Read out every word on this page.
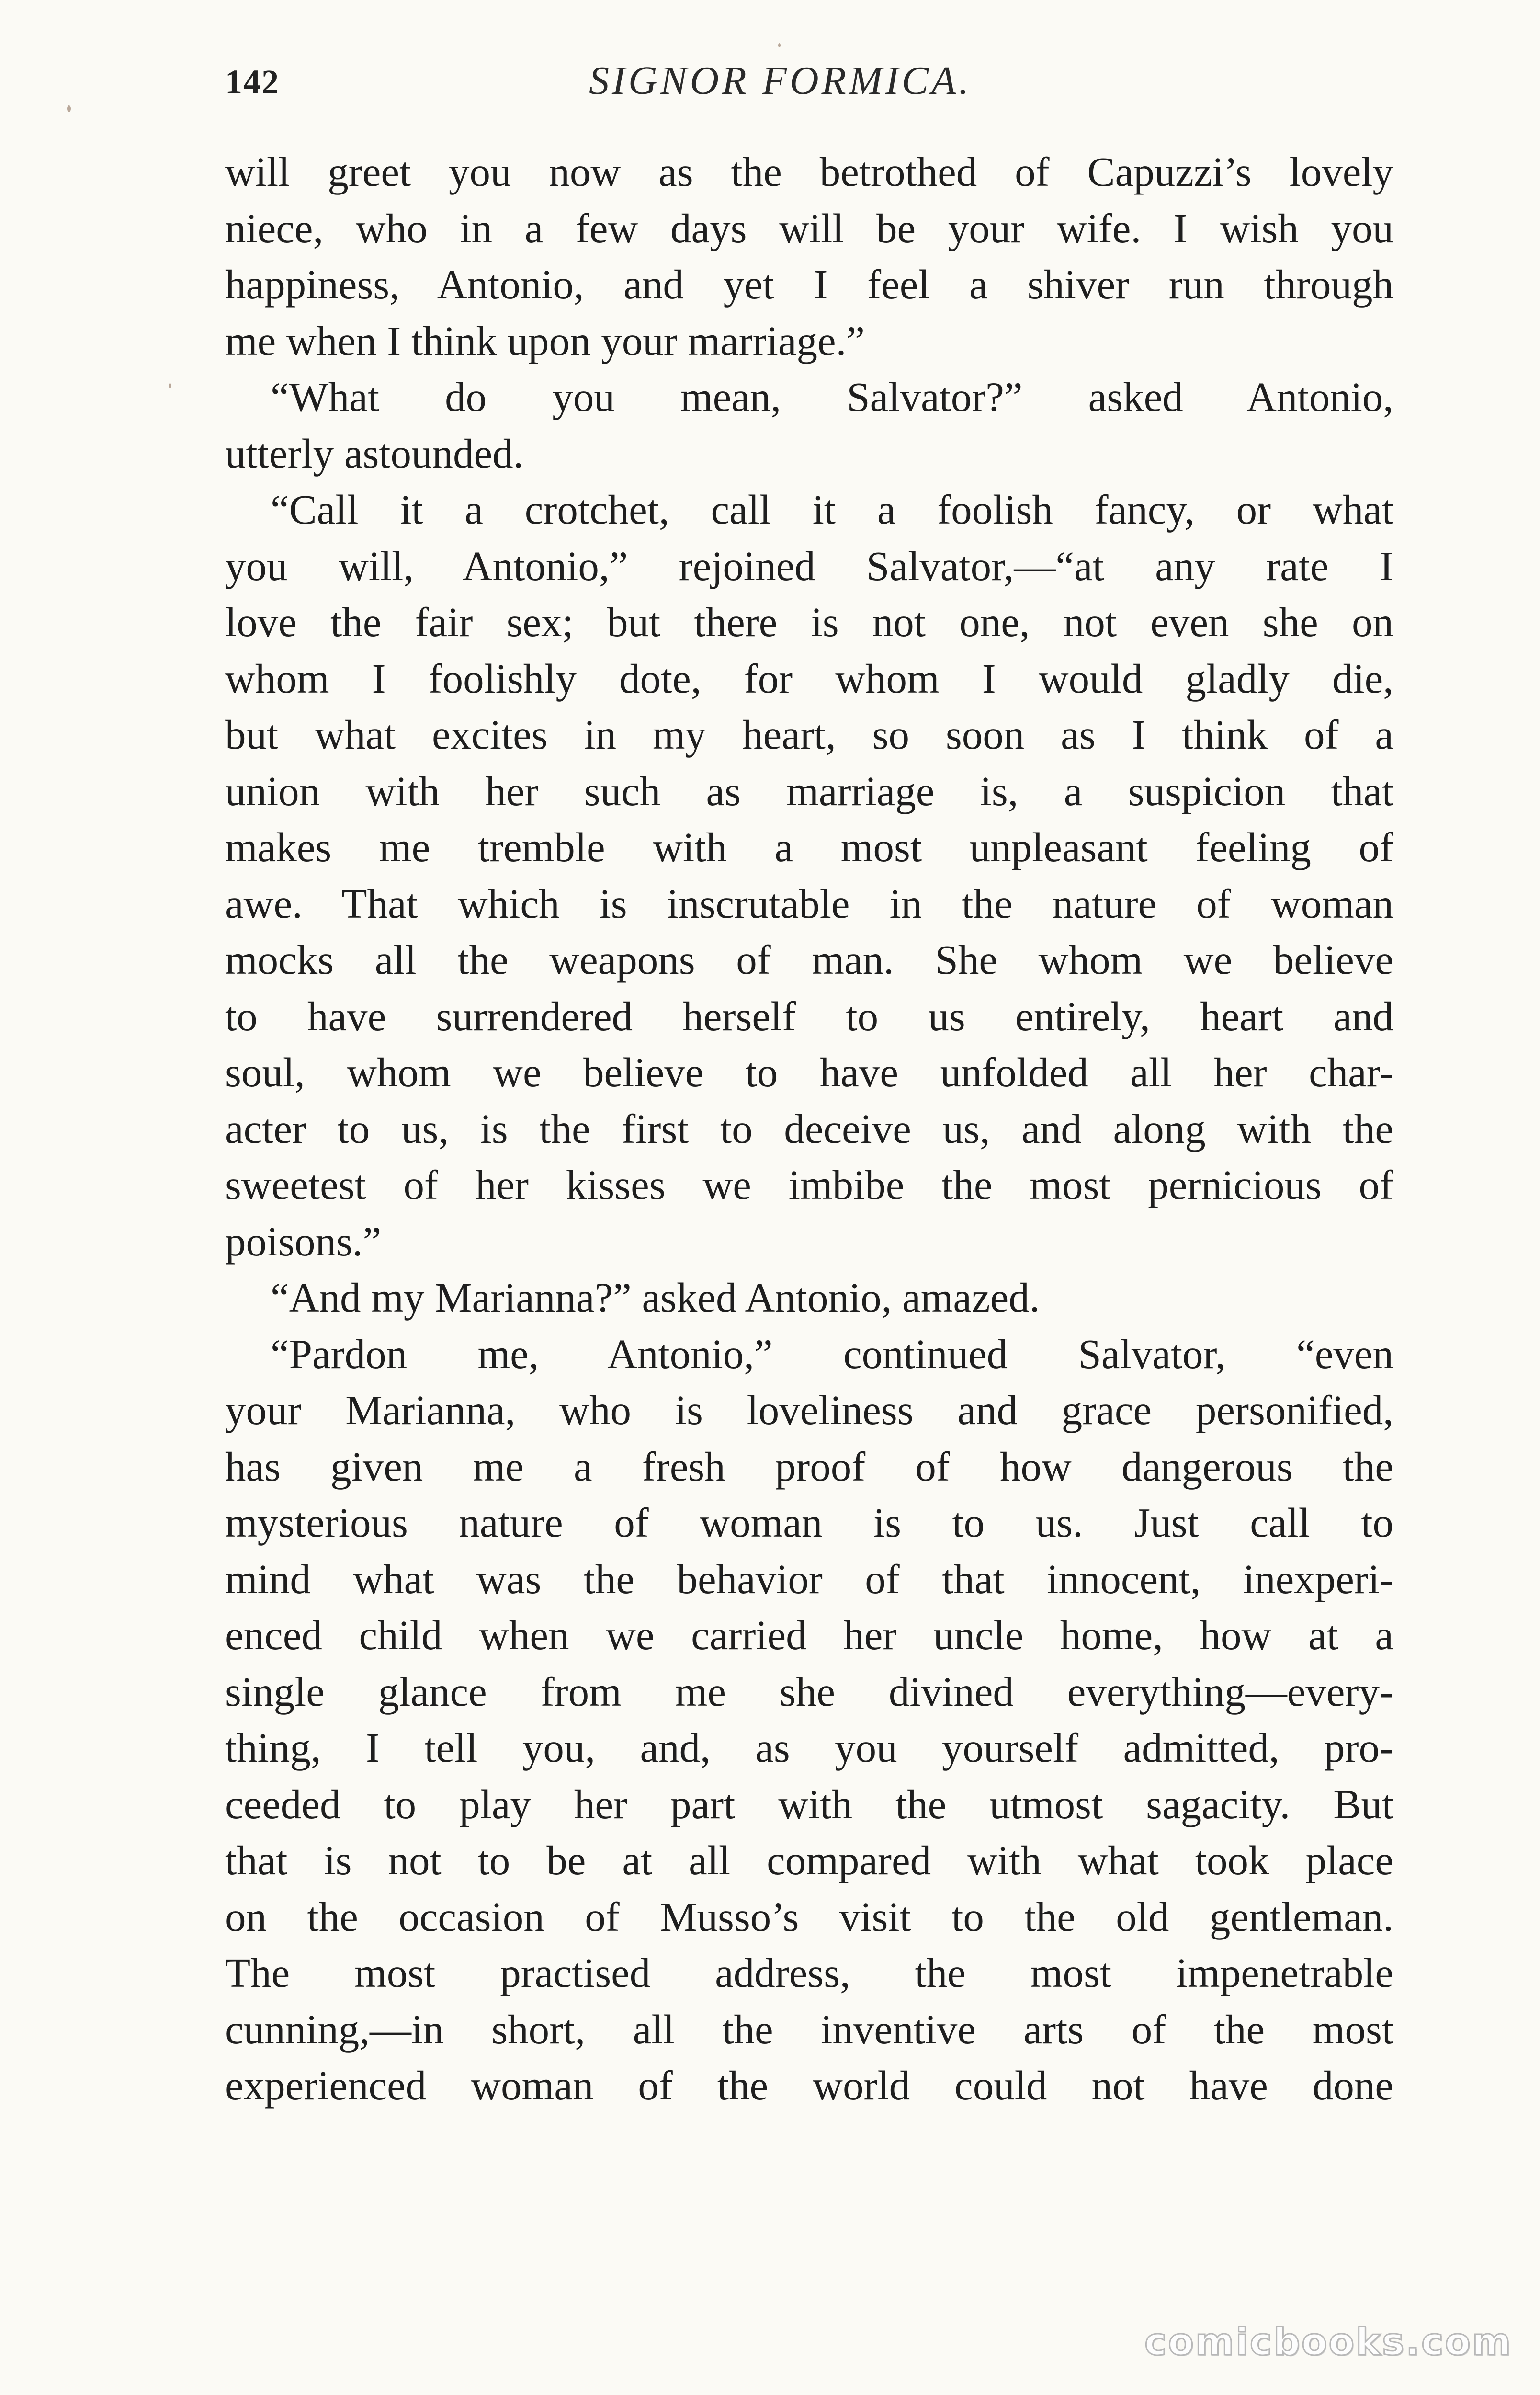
142	SIGNOR FORMICA.
will greet you now as the betrothed of Capuzzi’s lovely
niece, who in a few days will be your wife. I wish you
happiness, Antonio, and yet I feel a shiver run through
me when I think upon your marriage.”
“What do you mean, Salvator?” asked Antonio,
utterly astounded.
“Call it a crotchet, call it a foolish fancy, or what
you will, Antonio,” rejoined Salvator,—“at any rate I
love the fair sex; but there is not one, not even she on
whom I foolishly dote, for whom I would gladly die,
but what excites in my heart, so soon as I think of a
union with her such as marriage is, a suspicion that
makes me tremble with a most unpleasant feeling of
awe. That which is inscrutable in the nature of woman
mocks all the weapons of man. She whom we believe
to have surrendered herself to us entirely, heart and
soul, whom we believe to have unfolded all her char-
acter to us, is the first to deceive us, and along with the
sweetest of her kisses we imbibe the most pernicious of
poisons.”
“And my Marianna?” asked Antonio, amazed.
“Pardon me, Antonio,” continued Salvator, “even
your Marianna, who is loveliness and grace personified,
has given me a fresh proof of how dangerous the
mysterious nature of woman is to us. Just call to
mind what was the behavior of that innocent, inexperi-
enced child when we carried her uncle home, how at a
single glance from me she divined everything—every-
thing, I tell you, and, as you yourself admitted, pro-
ceeded to play her part with the utmost sagacity. But
that is not to be at all compared with what took place
on the occasion of Musso’s visit to the old gentleman.
The most practised address, the most impenetrable
cunning,—in short, all the inventive arts of the most
experienced woman of the world could not have done
comicbooks.com
